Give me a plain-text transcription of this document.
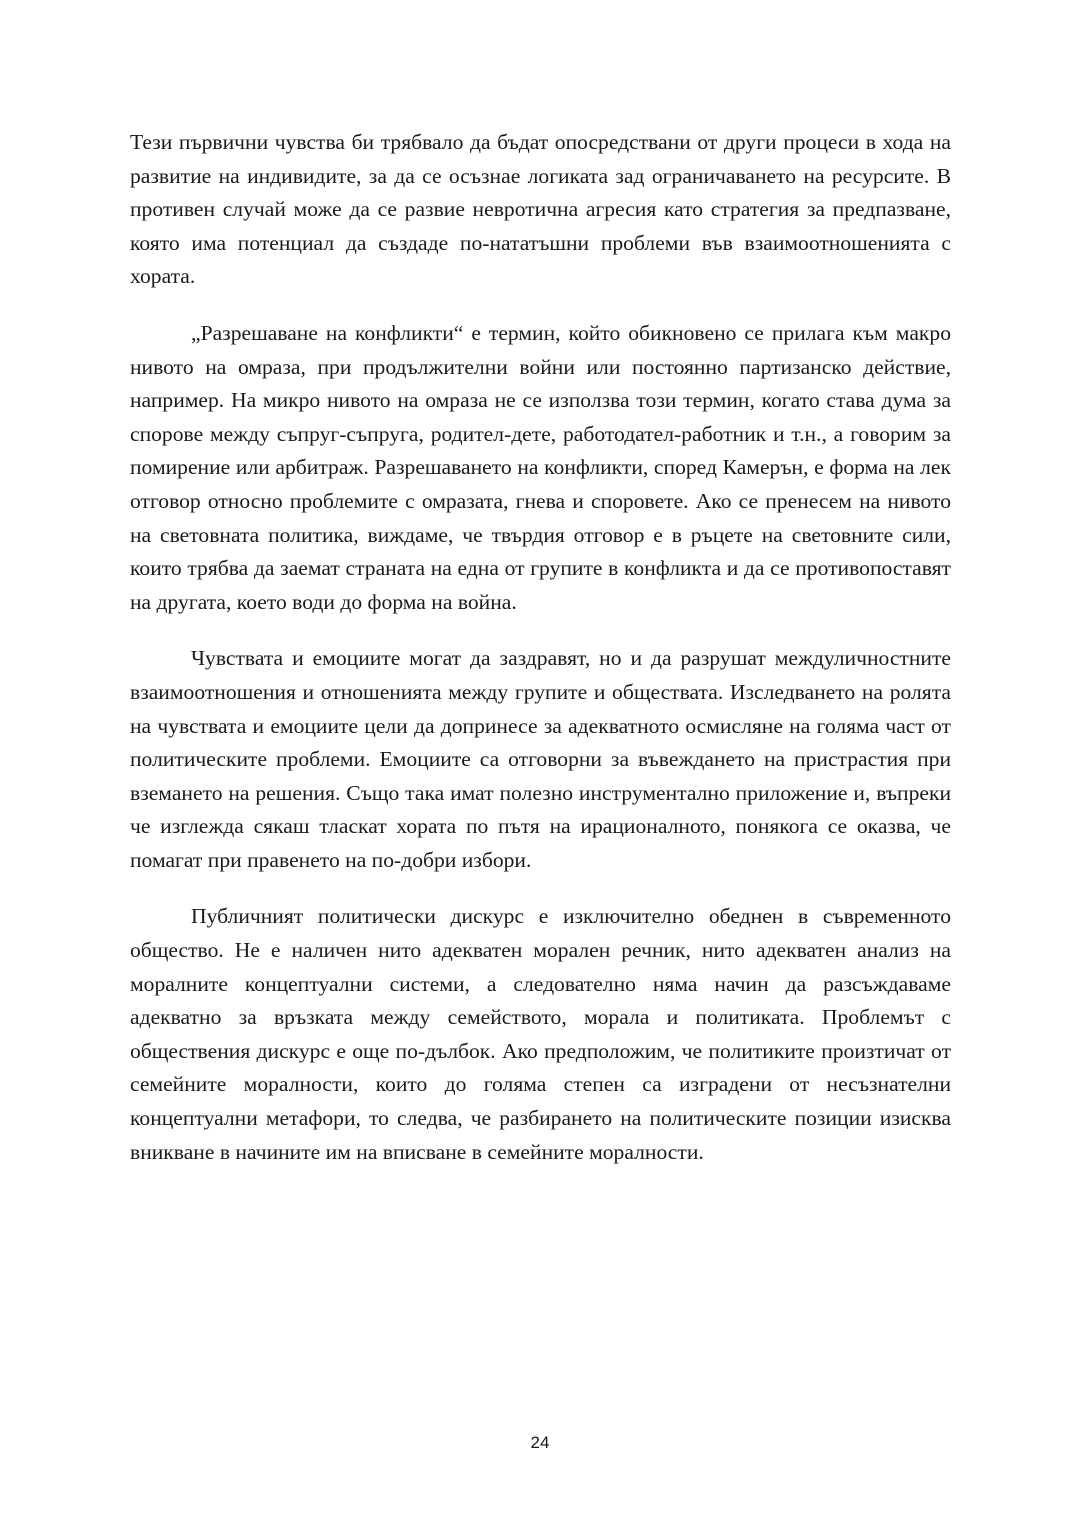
Тези първични чувства би трябвало да бъдат опосредствани от други процеси в хода на развитие на индивидите, за да се осъзнае логиката зад ограничаването на ресурсите. В противен случай може да се развие невротична агресия като стратегия за предпазване, която има потенциал да създаде по-нататъшни проблеми във взаимоотношенията с хората.

„Разрешаване на конфликти“ е термин, който обикновено се прилага към макро нивото на омраза, при продължителни войни или постоянно партизанско действие, например. На микро нивото на омраза не се използва този термин, когато става дума за спорове между съпруг-съпруга, родител-дете, работодател-работник и т.н., а говорим за помирение или арбитраж. Разрешаването на конфликти, според Камерън, е форма на лек отговор относно проблемите с омразата, гнева и споровете. Ако се пренесем на нивото на световната политика, виждаме, че твърдия отговор е в ръцете на световните сили, които трябва да заемат страната на една от групите в конфликта и да се противопоставят на другата, което води до форма на война.

Чувствата и емоциите могат да заздравят, но и да разрушат междуличностните взаимоотношения и отношенията между групите и обществата. Изследването на ролята на чувствата и емоциите цели да допринесе за адекватното осмисляне на голяма част от политическите проблеми. Емоциите са отговорни за въвеждането на пристрастия при вземането на решения. Също така имат полезно инструментално приложение и, въпреки че изглежда сякаш тласкат хората по пътя на ирационалното, понякога се оказва, че помагат при правенето на по-добри избори.

Публичният политически дискурс е изключително обеднен в съвременното общество. Не е наличен нито адекватен морален речник, нито адекватен анализ на моралните концептуални системи, а следователно няма начин да разсъждаваме адекватно за връзката между семейството, морала и политиката. Проблемът с обществения дискурс е още по-дълбок. Ако предположим, че политиките произтичат от семейните моралности, които до голяма степен са изградени от несъзнателни концептуални метафори, то следва, че разбирането на политическите позиции изисква вникване в начините им на вписване в семейните моралности.

24
